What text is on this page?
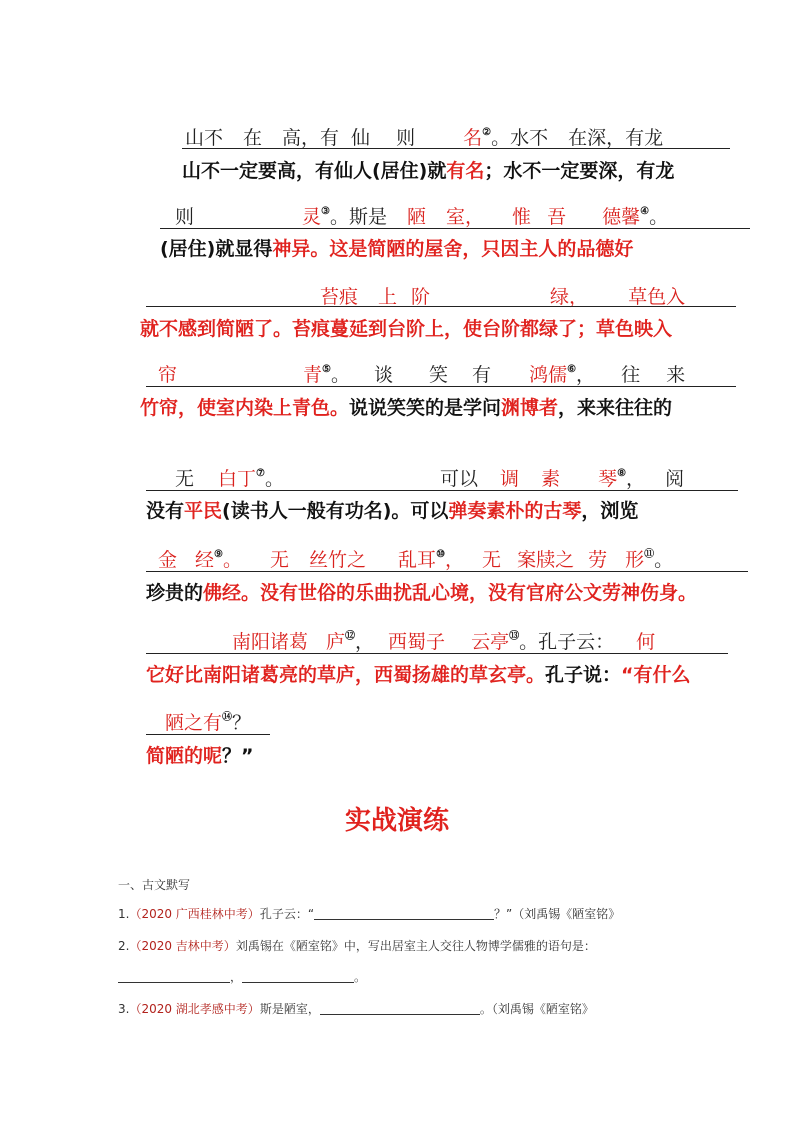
山不 在 高，有 仙 则	名②。水不 在深，有龙
山不一定要高，有仙人(居住)就有名；水不一定要深，有龙
则	灵③。斯是 陋 室， 惟 吾 德馨④。
(居住)就显得神异。这是简陋的屋舍，只因主人的品德好
苔痕 上 阶	绿， 草色入
就不感到简陋了。苔痕蔓延到台阶上，使台阶都绿了；草色映入
帘	青⑤。 谈 笑 有 鸿儒⑥， 往 来
竹帘，使室内染上青色。说说笑笑的是学问渊博者，来来往往的
无 白丁⑦。	可以 调 素 琴⑧， 阅
没有平民(读书人一般有功名)。可以弹奏素朴的古琴，浏览
金 经⑨。 无 丝竹之 乱耳⑩， 无 案牍之 劳 形⑪。
珍贵的佛经。没有世俗的乐曲扰乱心境，没有官府公文劳神伤身。
南阳诸葛 庐⑫， 西蜀子 云亭⑬。孔子云： 何
它好比南阳诸葛亮的草庐，西蜀扬雄的草玄亭。孔子说：“有什么
陋之有⑭？
简陋的呢？”
实战演练
一、古文默写
1.（2020 广西桂林中考）孔子云：“	？”（刘禹锡《陋室铭》
2.（2020 吉林中考）刘禹锡在《陋室铭》中，写出居室主人交往人物博学儒雅的语句是：
，	。
3.（2020 湖北孝感中考）斯是陋室，	。（刘禹锡《陋室铭》
